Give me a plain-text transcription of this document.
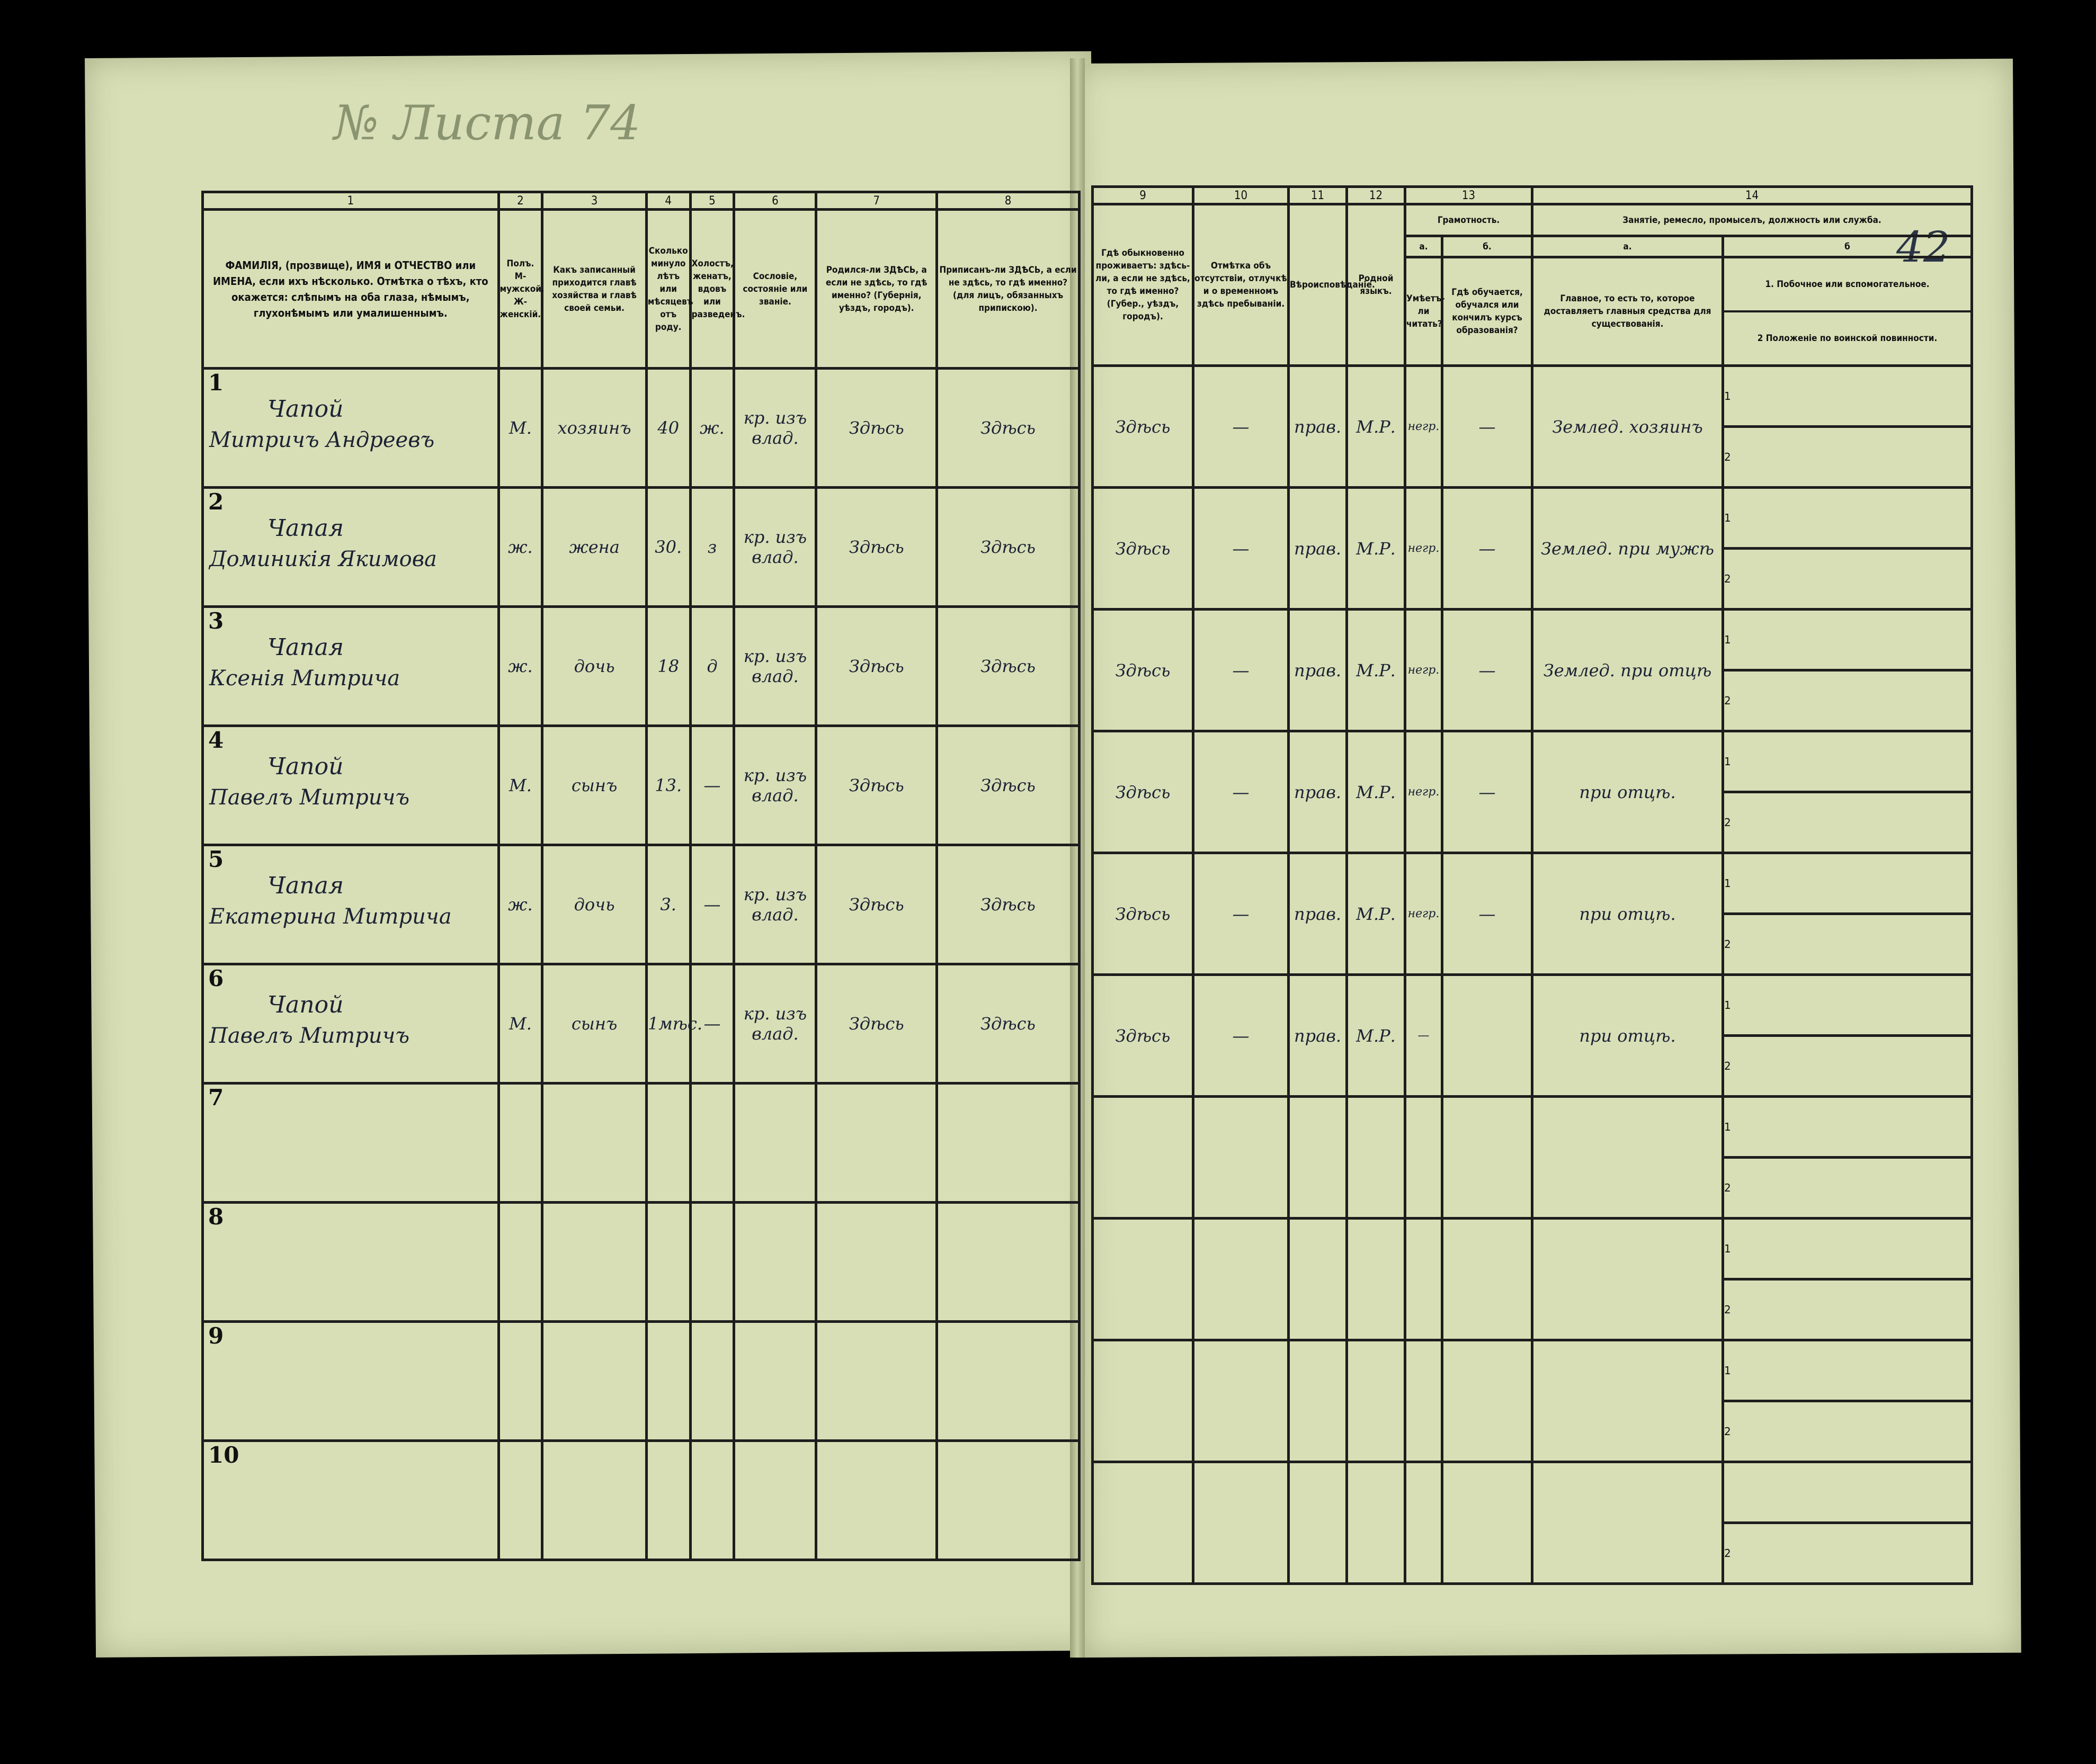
№ Листа 74
42
1	2	3	4	5	6	7	8
ФАМИЛІЯ, (прозвище), ИМЯ и ОТЧЕСТВО или ИМЕНА, если ихъ нѣсколько. Отмѣтка о тѣхъ, кто окажется: слѣпымъ на оба глаза, нѣмымъ, глухонѣмымъ или умалишеннымъ.	Полъ. М-мужской. Ж-женскій.	Какъ записанный приходится главѣ хозяйства и главѣ своей семьи.	Сколько минуло лѣтъ или мѣсяцевъ отъ роду.	Холостъ, женатъ, вдовъ или разведенъ.	Сословіе, состояніе или званіе.	Родился-ли ЗДѢСЬ, а если не здѣсь, то гдѣ именно? (Губернія, уѣздъ, городъ).	Приписанъ-ли ЗДѢСЬ, а если не здѣсь, то гдѣ именно? (для лицъ, обязанныхъ припискою).
1
Чапой
Митричъ Андреевъ	М.	хозяинъ	40	ж.	кр. изъ влад.	Здѣсь	Здѣсь
2
Чапая
Доминикія Якимова	ж.	жена	30.	з	кр. изъ влад.	Здѣсь	Здѣсь
3
Чапая
Ксенія Митрича	ж.	дочь	18	д	кр. изъ влад.	Здѣсь	Здѣсь
4
Чапой
Павелъ Митричъ	М.	сынъ	13.	—	кр. изъ влад.	Здѣсь	Здѣсь
5
Чапая
Екатерина Митрича	ж.	дочь	3.	—	кр. изъ влад.	Здѣсь	Здѣсь
6
Чапой
Павелъ Митричъ	М.	сынъ	1мѣс.	—	кр. изъ влад.	Здѣсь	Здѣсь
7

8

9

10

9	10	11	12	13		14	
Гдѣ обыкновенно проживаетъ: здѣсь-ли, а если не здѣсь, то гдѣ именно? (Губер., уѣздъ, городъ).	Отмѣтка объ отсутствіи, отлучкѣ и о временномъ здѣсь пребываніи.	Вѣроисповѣданіе.	Родной языкъ.	Грамотность.		Занятіе, ремесло, промыселъ, должность или служба.	
				а.	б.	а.	б
				Умѣетъ-ли читать?	Гдѣ обучается, обучался или кончилъ курсъ образованія?	Главное, то есть то, которое доставляетъ главныя средства для существованія.	1. Побочное или вспомогательное.
2 Положеніе по воинской повинности.

Здѣсь	—	прав.	М.Р.	негр.	—	Землед. хозяинъ	1
							2
Здѣсь	—	прав.	М.Р.	негр.	—	Землед. при мужѣ	1
							2
Здѣсь	—	прав.	М.Р.	негр.	—	Землед. при отцѣ	1
							2
Здѣсь	—	прав.	М.Р.	негр.	—	при отцѣ.	1
							2
Здѣсь	—	прав.	М.Р.	негр.	—	при отцѣ.	1
							2
Здѣсь	—	прав.	М.Р.	—		при отцѣ.	1
							2
							1
							2
							1
							2
							1
							2

							2
